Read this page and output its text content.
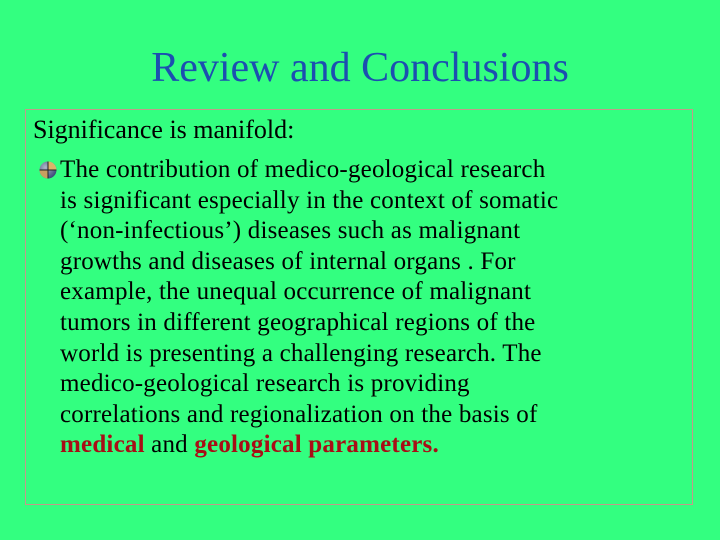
Review and Conclusions
Significance is manifold:
The contribution of medico-geological research
is significant especially in the context of somatic
(‘non-infectious’) diseases such as malignant
growths and diseases of internal organs . For
example, the unequal occurrence of malignant
tumors in different geographical regions of the
world is presenting a challenging research. The
medico-geological research is providing
correlations and regionalization on the basis of
medical and geological parameters.
